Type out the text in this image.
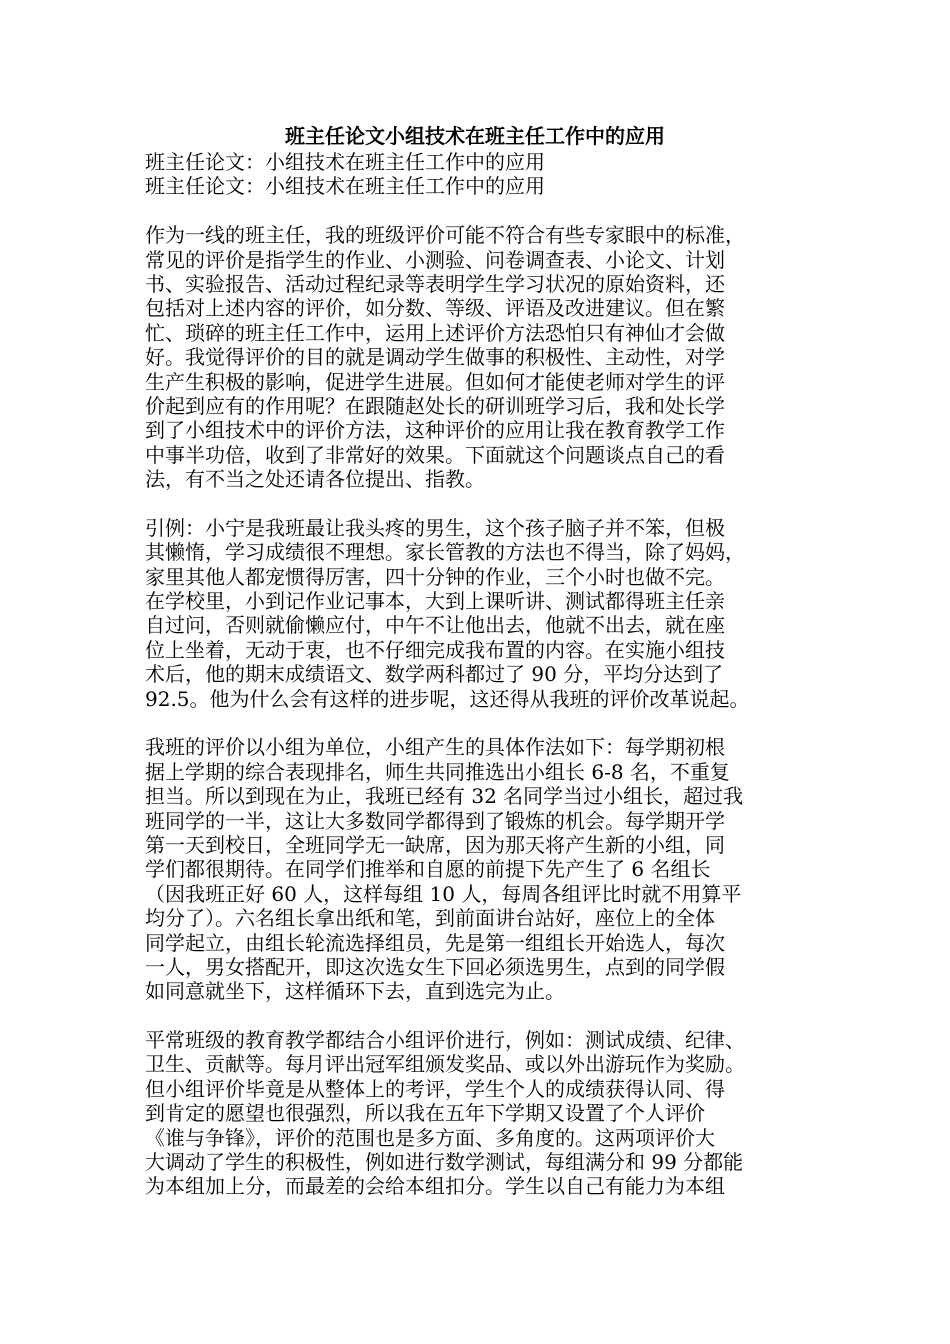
班主任论文小组技术在班主任工作中的应用
班主任论文：小组技术在班主任工作中的应用
班主任论文：小组技术在班主任工作中的应用
作为一线的班主任，我的班级评价可能不符合有些专家眼中的标准，
常见的评价是指学生的作业、小测验、问卷调查表、小论文、计划
书、实验报告、活动过程纪录等表明学生学习状况的原始资料，还
包括对上述内容的评价，如分数、等级、评语及改进建议。但在繁
忙、琐碎的班主任工作中，运用上述评价方法恐怕只有神仙才会做
好。我觉得评价的目的就是调动学生做事的积极性、主动性，对学
生产生积极的影响，促进学生进展。但如何才能使老师对学生的评
价起到应有的作用呢？在跟随赵处长的研训班学习后，我和处长学
到了小组技术中的评价方法，这种评价的应用让我在教育教学工作
中事半功倍，收到了非常好的效果。下面就这个问题谈点自己的看
法，有不当之处还请各位提出、指教。
引例：小宁是我班最让我头疼的男生，这个孩子脑子并不笨，但极
其懒惰，学习成绩很不理想。家长管教的方法也不得当，除了妈妈，
家里其他人都宠惯得厉害，四十分钟的作业，三个小时也做不完。
在学校里，小到记作业记事本，大到上课听讲、测试都得班主任亲
自过问，否则就偷懒应付，中午不让他出去，他就不出去，就在座
位上坐着，无动于衷，也不仔细完成我布置的内容。在实施小组技
术后，他的期末成绩语文、数学两科都过了 90 分，平均分达到了
92.5。他为什么会有这样的进步呢，这还得从我班的评价改革说起。
我班的评价以小组为单位，小组产生的具体作法如下：每学期初根
据上学期的综合表现排名，师生共同推选出小组长 6-8 名，不重复
担当。所以到现在为止，我班已经有 32 名同学当过小组长，超过我
班同学的一半，这让大多数同学都得到了锻炼的机会。每学期开学
第一天到校日，全班同学无一缺席，因为那天将产生新的小组，同
学们都很期待。在同学们推举和自愿的前提下先产生了 6 名组长
（因我班正好 60 人，这样每组 10 人，每周各组评比时就不用算平
均分了）。六名组长拿出纸和笔，到前面讲台站好，座位上的全体
同学起立，由组长轮流选择组员，先是第一组组长开始选人，每次
一人，男女搭配开，即这次选女生下回必须选男生，点到的同学假
如同意就坐下，这样循环下去，直到选完为止。
平常班级的教育教学都结合小组评价进行，例如：测试成绩、纪律、
卫生、贡献等。每月评出冠军组颁发奖品、或以外出游玩作为奖励。
但小组评价毕竟是从整体上的考评，学生个人的成绩获得认同、得
到肯定的愿望也很强烈，所以我在五年下学期又设置了个人评价
《谁与争锋》，评价的范围也是多方面、多角度的。这两项评价大
大调动了学生的积极性，例如进行数学测试，每组满分和 99 分都能
为本组加上分，而最差的会给本组扣分。学生以自己有能力为本组
